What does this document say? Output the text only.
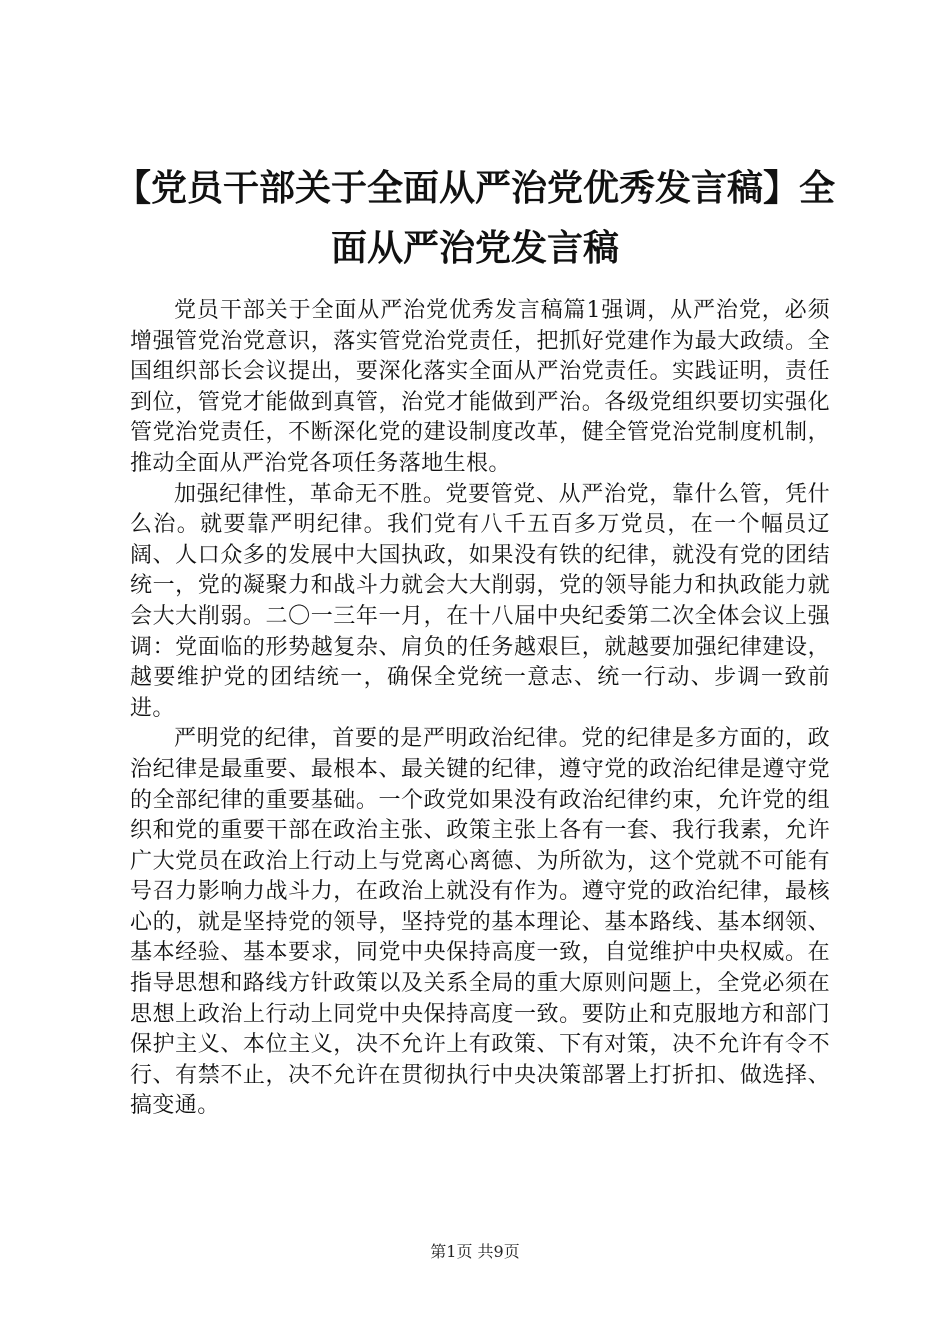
【党员干部关于全面从严治党优秀发言稿】全面从严治党发言稿

党员干部关于全面从严治党优秀发言稿篇1强调，从严治党，必须增强管党治党意识，落实管党治党责任，把抓好党建作为最大政绩。全国组织部长会议提出，要深化落实全面从严治党责任。实践证明，责任到位，管党才能做到真管，治党才能做到严治。各级党组织要切实强化管党治党责任，不断深化党的建设制度改革，健全管党治党制度机制，推动全面从严治党各项任务落地生根。

加强纪律性，革命无不胜。党要管党、从严治党，靠什么管，凭什么治。就要靠严明纪律。我们党有八千五百多万党员，在一个幅员辽阔、人口众多的发展中大国执政，如果没有铁的纪律，就没有党的团结统一，党的凝聚力和战斗力就会大大削弱，党的领导能力和执政能力就会大大削弱。二〇一三年一月，在十八届中央纪委第二次全体会议上强调：党面临的形势越复杂、肩负的任务越艰巨，就越要加强纪律建设，越要维护党的团结统一，确保全党统一意志、统一行动、步调一致前进。

严明党的纪律，首要的是严明政治纪律。党的纪律是多方面的，政治纪律是最重要、最根本、最关键的纪律，遵守党的政治纪律是遵守党的全部纪律的重要基础。一个政党如果没有政治纪律约束，允许党的组织和党的重要干部在政治主张、政策主张上各有一套、我行我素，允许广大党员在政治上行动上与党离心离德、为所欲为，这个党就不可能有号召力影响力战斗力，在政治上就没有作为。遵守党的政治纪律，最核心的，就是坚持党的领导，坚持党的基本理论、基本路线、基本纲领、基本经验、基本要求，同党中央保持高度一致，自觉维护中央权威。在指导思想和路线方针政策以及关系全局的重大原则问题上，全党必须在思想上政治上行动上同党中央保持高度一致。要防止和克服地方和部门保护主义、本位主义，决不允许上有政策、下有对策，决不允许有令不行、有禁不止，决不允许在贯彻执行中央决策部署上打折扣、做选择、搞变通。

第1页 共9页
